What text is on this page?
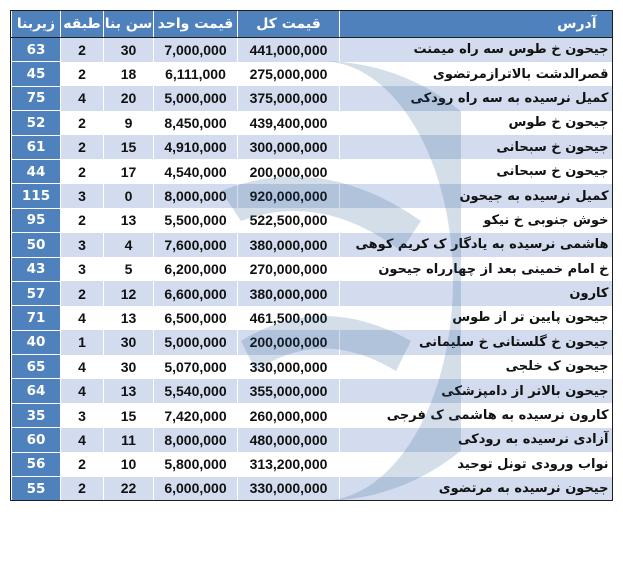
زیربنا	طبقه	سن بنا	قیمت واحد	قیمت کل	آدرس
63	2	30	7,000,000	441,000,000	جیحون خ طوس سه راه میمنت
45	2	18	6,111,000	275,000,000	قصرالدشت بالاترازمرتضوی
75	4	20	5,000,000	375,000,000	کمیل نرسیده به سه راه رودکی
52	2	9	8,450,000	439,400,000	جیحون خ طوس
61	2	15	4,910,000	300,000,000	جیحون خ سبحانی
44	2	17	4,540,000	200,000,000	جیحون خ سبحانی
115	3	0	8,000,000	920,000,000	کمیل نرسیده به جیحون
95	2	13	5,500,000	522,500,000	خوش جنوبی خ نیکو
50	3	4	7,600,000	380,000,000	هاشمی نرسیده به یادگار ک کریم کوهی
43	3	5	6,200,000	270,000,000	خ امام خمینی بعد از چهارراه جیحون
57	2	12	6,600,000	380,000,000	کارون
71	4	13	6,500,000	461,500,000	جیحون پایین تر از طوس
40	1	30	5,000,000	200,000,000	جیحون خ گلستانی خ سلیمانی
65	4	30	5,070,000	330,000,000	جیحون ک خلجی
64	4	13	5,540,000	355,000,000	جیحون بالاتر از دامپزشکی
35	3	15	7,420,000	260,000,000	کارون نرسیده به هاشمی ک فرجی
60	4	11	8,000,000	480,000,000	آزادی نرسیده به رودکی
56	2	10	5,800,000	313,200,000	نواب ورودی تونل توحید
55	2	22	6,000,000	330,000,000	جیحون نرسیده به مرتضوی
